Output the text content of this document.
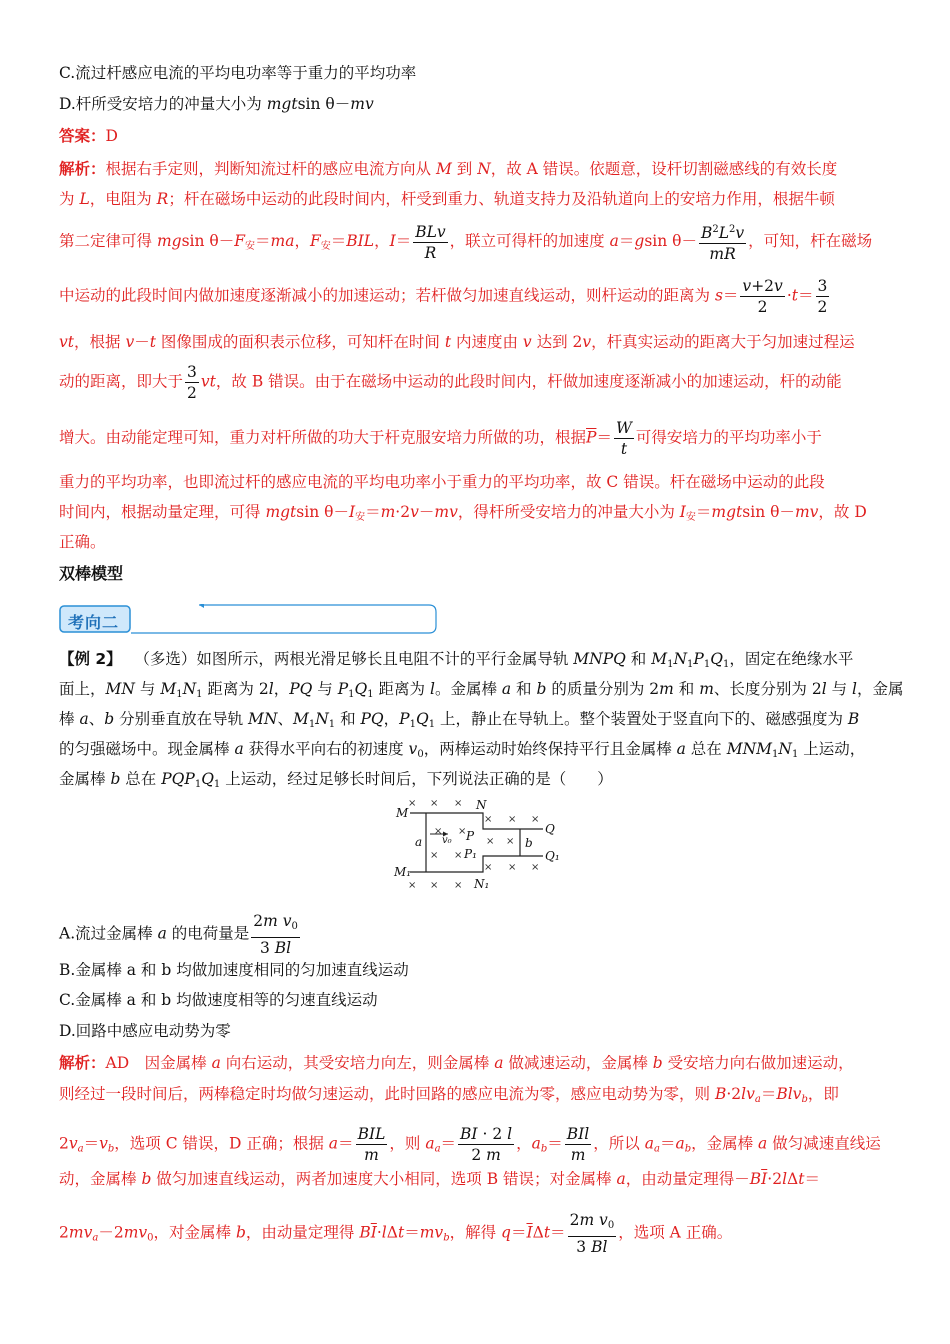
C.流过杆感应电流的平均电功率等于重力的平均功率
D.杆所受安培力的冲量大小为 mgtsin θ－mv
答案：D
解析：根据右手定则，判断知流过杆的感应电流方向从 M 到 N，故 A 错误。依题意，设杆切割磁感线的有效长度
为 L，电阻为 R；杆在磁场中运动的此段时间内，杆受到重力、轨道支持力及沿轨道向上的安培力作用，根据牛顿
第二定律可得 mgsin $\theta-F_安=ma$，$F_安=BIL$，$I= \frac{\text{BLv}}{R}$ ，联立可得杆的加速度 a＝gsin $\theta- \frac{B^2L^2v}{mR}$ ，可知，杆在磁场
中运动的此段时间内做加速度逐渐减小的加速运动；若杆做匀加速直线运动，则杆运动的距离为 $s= \frac{v+2v}{2} \cdot t= \frac{3}{2}$
vt，根据 v－t 图像围成的面积表示位移，可知杆在时间 t 内速度由 v 达到 2v，杆真实运动的距离大于匀加速过程运
动的距离，即大于 $\frac{3}{2}$ vt，故 B 错误。由于在磁场中运动的此段时间内，杆做加速度逐渐减小的加速运动，杆的动能
增大。由动能定理可知，重力对杆所做的功大于杆克服安培力所做的功，根据$\overline{P}= \frac{W}{t}$ 可得安培力的平均功率小于
重力的平均功率，也即流过杆的感应电流的平均电功率小于重力的平均功率，故 C 错误。杆在磁场中运动的此段
时间内，根据动量定理，可得 mgtsin $\theta-I_安=m\cdot 2v-mv$，得杆所受安培力的冲量大小为 $I_安=mgtsin$ θ－mv，故 D
正确。
双棒模型
考向二
【例 2】　 （多选）如图所示，两根光滑足够长且电阻不计的平行金属导轨 MNPQ 和 $M_1N_1P_1Q_1$，固定在绝缘水平
面上，MN 与 $M_1N_1$ 距离为 2l，PQ 与 $P_1Q_1$ 距离为 l。金属棒 a 和 b 的质量分别为 2m 和 m、长度分别为 2l 与 l，金属
棒 a、b 分别垂直放在导轨 MN、$M_1N_1$ 和 PQ，$P_1Q_1$ 上，静止在导轨上。整个装置处于竖直向下的、磁感强度为 B
的匀强磁场中。现金属棒 a 获得水平向右的初速度 $v_0$，两棒运动时始终保持平行且金属棒 a 总在 $MNM_1N_1$ 上运动，
金属棒 b 总在 $PQP_1Q_1$ 上运动，经过足够长时间后，下列说法正确的是（　　）
× × ×
× × ×
× ×
× ×
× ×
× × ×
× × ×
M
N
P	Q
M₁
N₁
P₁	Q₁
a	b
v₀
A.流过金属棒 a 的电荷量是 $\frac{2m v_0}{3 Bl}$
B.金属棒 a 和 b 均做加速度相同的匀加速直线运动
C.金属棒 a 和 b 均做速度相等的匀速直线运动
D.回路中感应电动势为零
解析：AD　因金属棒 a 向右运动，其受安培力向左，则金属棒 a 做减速运动，金属棒 b 受安培力向右做加速运动，
则经过一段时间后，两棒稳定时均做匀速运动，此时回路的感应电流为零，感应电动势为零，则 $B\cdot 2lv_a=Blv_b$，即
$2v_a=v_b$，选项 C 错误，D 正确；根据 $a= \frac{\text{BIL}}{m}$ ，则 $a_a= \frac{BI \cdot 2 l}{2 m}$ ，$a_b= \frac{\text{BIl}}{m}$ ，所以 $a_a=a_b$，金属棒 a 做匀减速直线运
动，金属棒 b 做匀加速直线运动，两者加速度大小相同，选项 B 错误；对金属棒 a，由动量定理得$-B\overline{I}\cdot 2l\Delta t=$
$2mv_a-2mv_0$，对金属棒 b，由动量定理得 $B\overline{I}\cdot l\Delta t=mv_b$，解得 $q=\overline{I}\Delta t= \frac{2m v_0}{3 Bl}$ ，选项 A 正确。
